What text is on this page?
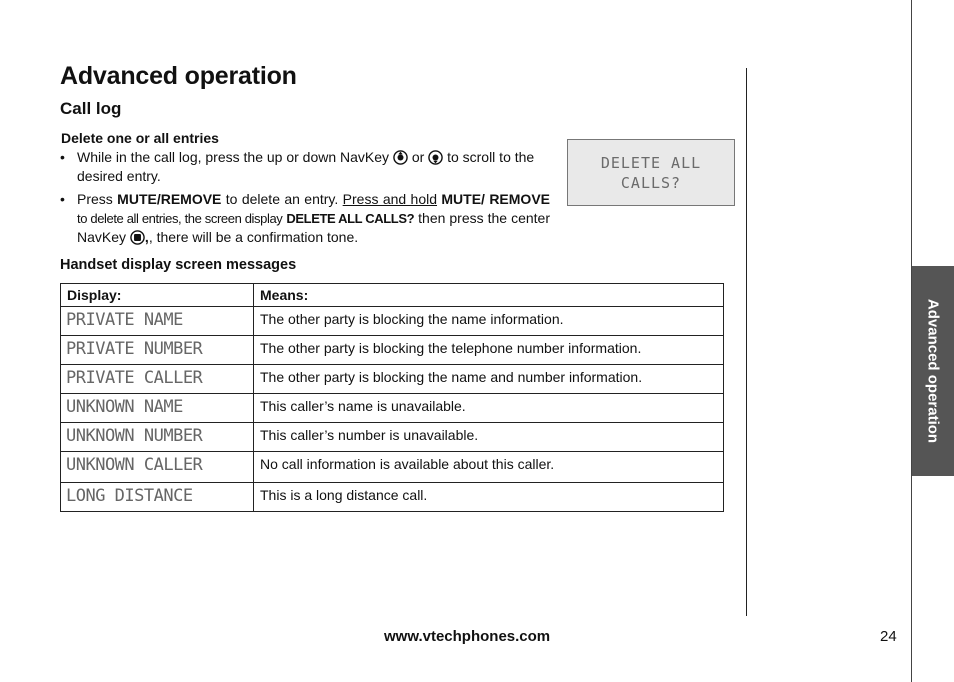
Advanced operation
Call log
Delete one or all entries
• While in the call log, press the up or down NavKey or to scroll to the desired entry.
• Press MUTE/REMOVE to delete an entry. Press and hold MUTE/ REMOVE to delete all entries, the screen display DELETE ALL CALLS? then press the center NavKey ,, there will be a confirmation tone.
DELETE ALL
CALLS?
Handset display screen messages
Display:	Means:
PRIVATE NAME	The other party is blocking the name information.
PRIVATE NUMBER	The other party is blocking the telephone number information.
PRIVATE CALLER	The other party is blocking the name and number information.
UNKNOWN NAME	This caller’s name is unavailable.
UNKNOWN NUMBER	This caller’s number is unavailable.
UNKNOWN CALLER	No call information is available about this caller.
LONG DISTANCE	This is a long distance call.
Advanced operation
www.vtechphones.com	24
